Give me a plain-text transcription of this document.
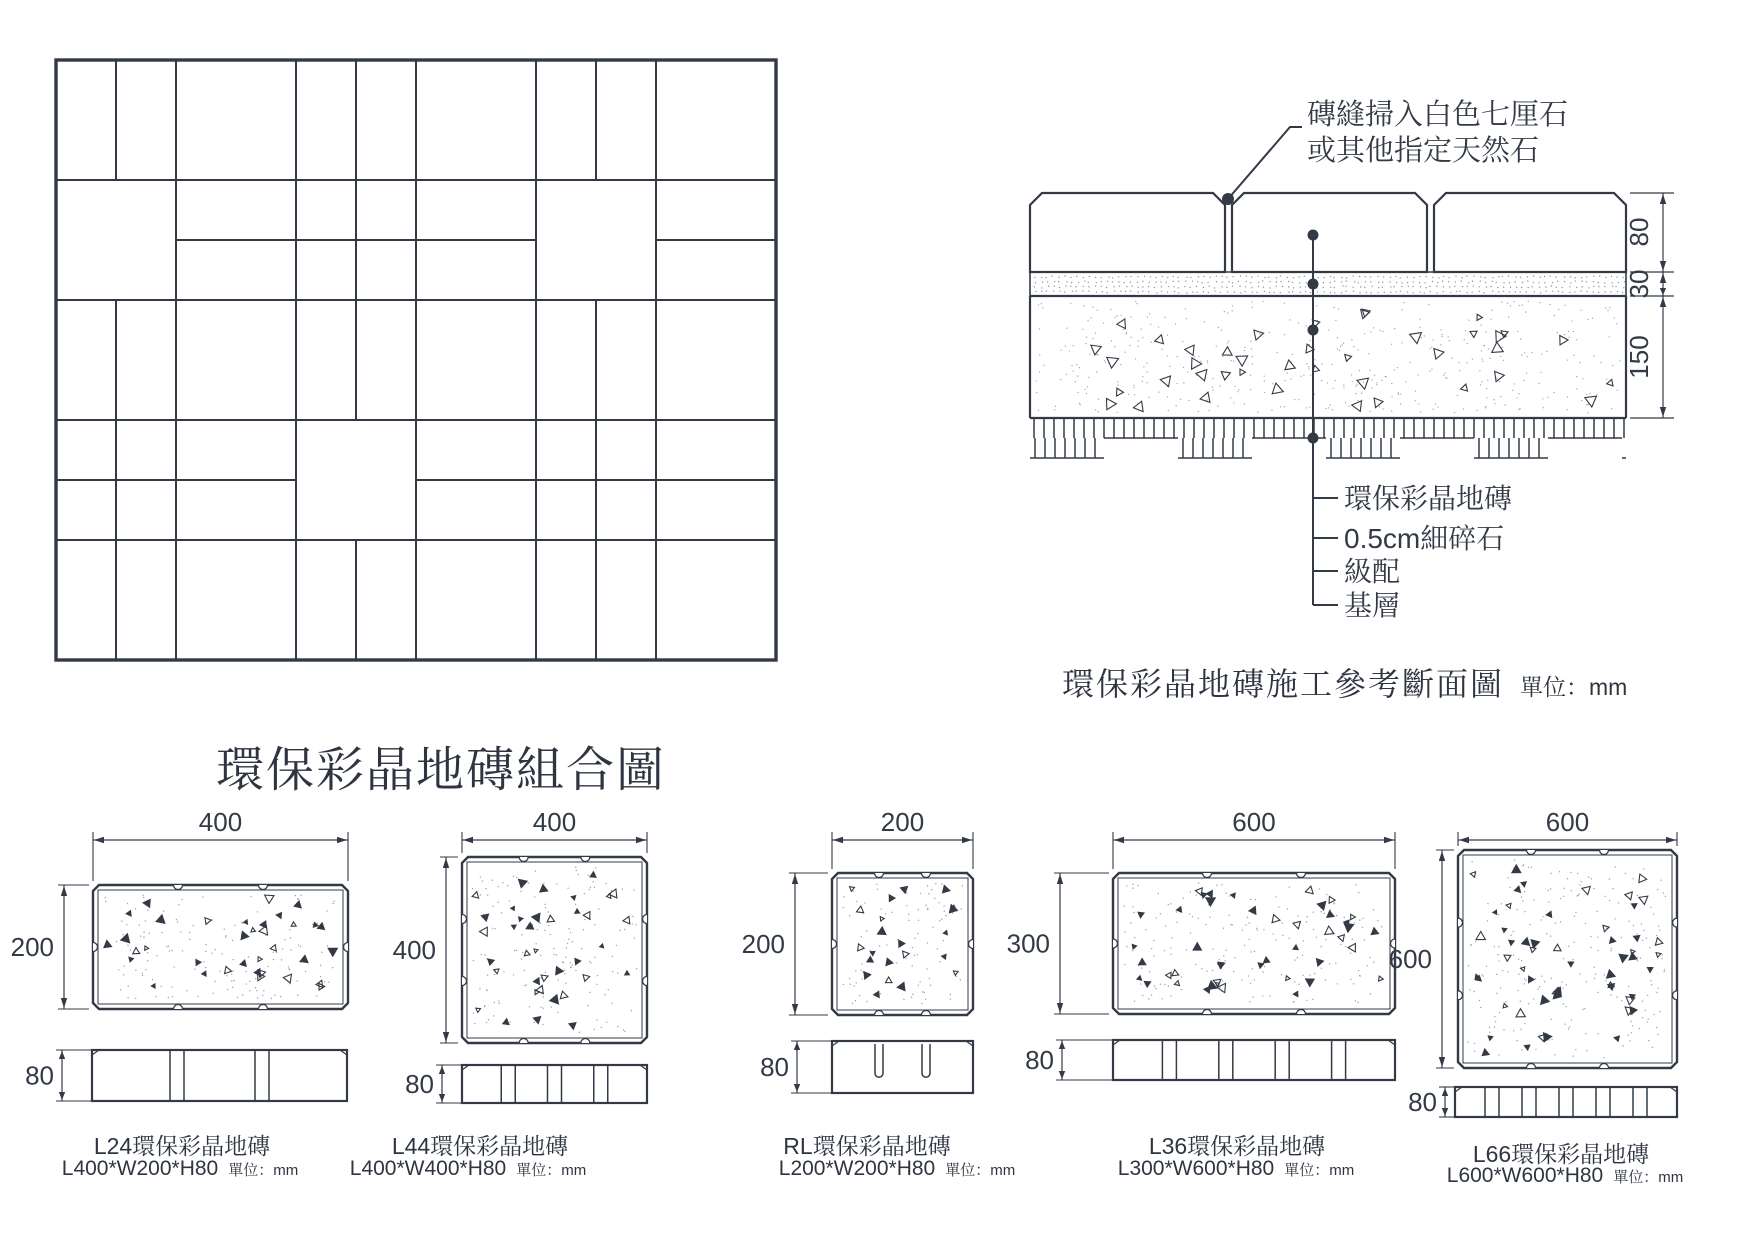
80
30
150
磚縫掃入白色七厘石
或其他指定天然石
環保彩晶地磚
0.5cm細碎石
級配
基層
400
200
80
400
400
80
200
200
80
600
300
80
600
600
80
環保彩晶地磚組合圖
環保彩晶地磚施工參考斷面圖 單位：mm
L24環保彩晶地磚
L400*W200*H80 單位：mm
L44環保彩晶地磚
L400*W400*H80 單位：mm
RL環保彩晶地磚
L200*W200*H80 單位：mm
L36環保彩晶地磚
L300*W600*H80 單位：mm
L66環保彩晶地磚
L600*W600*H80 單位：mm
